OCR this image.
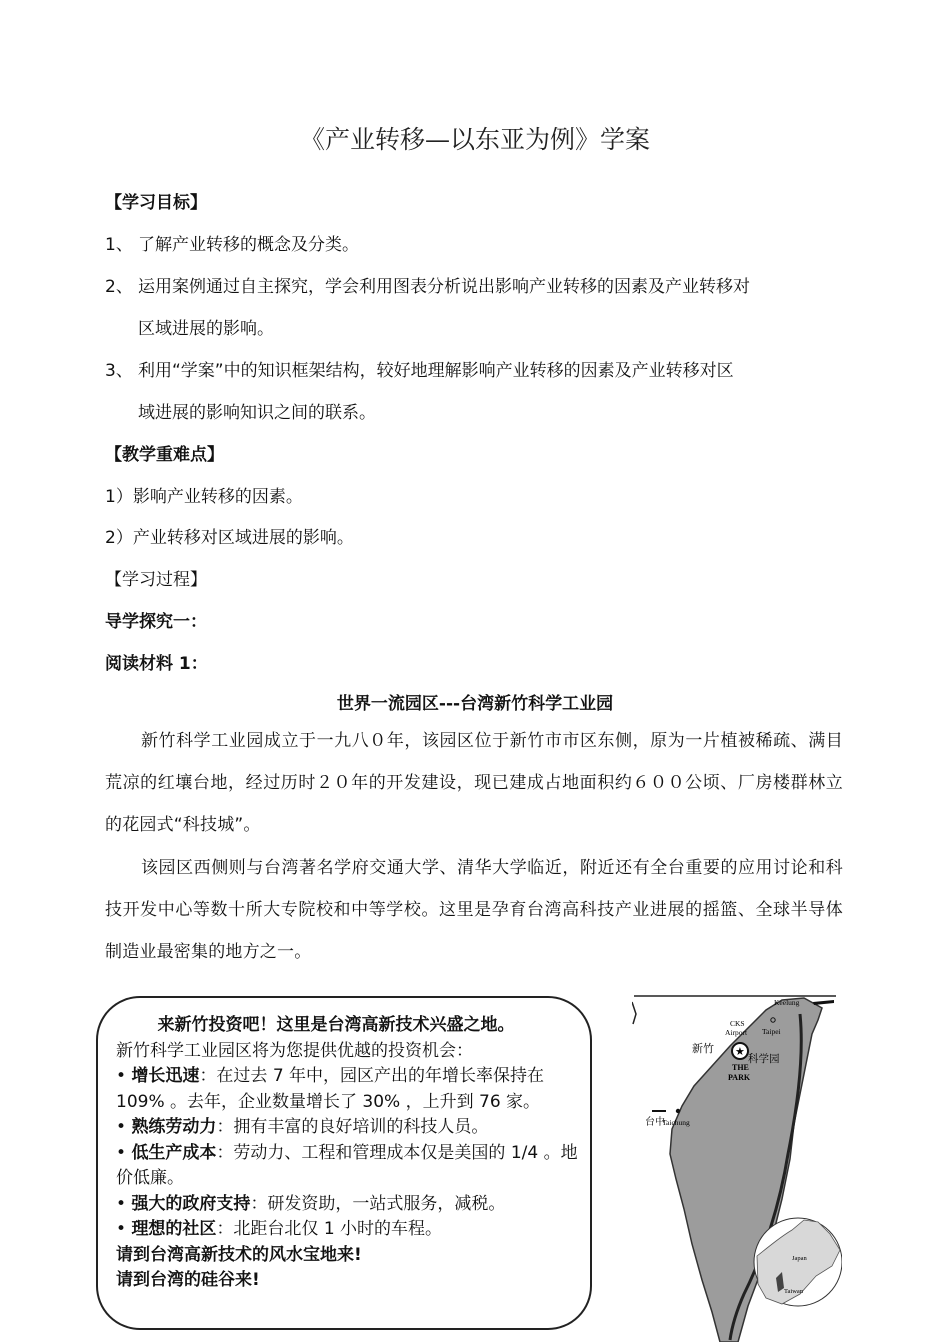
《产业转移—以东亚为例》学案
【学习目标】
1、 了解产业转移的概念及分类。
2、 运用案例通过自主探究，学会利用图表分析说出影响产业转移的因素及产业转移对
区域进展的影响。
3、 利用“学案”中的知识框架结构，较好地理解影响产业转移的因素及产业转移对区
域进展的影响知识之间的联系。
【教学重难点】
1）影响产业转移的因素。
2）产业转移对区域进展的影响。
【学习过程】
导学探究一：
阅读材料 1：
世界一流园区---台湾新竹科学工业园
新竹科学工业园成立于一九八０年，该园区位于新竹市市区东侧，原为一片植被稀疏、满目荒凉的红壤台地，经过历时２０年的开发建设，现已建成占地面积约６００公顷、厂房楼群林立的花园式“科技城”。
该园区西侧则与台湾著名学府交通大学、清华大学临近，附近还有全台重要的应用讨论和科技开发中心等数十所大专院校和中等学校。这里是孕育台湾高科技产业进展的摇篮、全球半导体制造业最密集的地方之一。
来新竹投资吧！这里是台湾高新技术兴盛之地。
新竹科学工业园区将为您提供优越的投资机会：
• 增长迅速：在过去 7 年中，园区产出的年增长率保持在 109% 。去年，企业数量增长了 30% ，上升到 76 家。
• 熟练劳动力：拥有丰富的良好培训的科技人员。
• 低生产成本：劳动力、工程和管理成本仅是美国的 1/4 。地价低廉。
• 强大的政府支持：研发资助，一站式服务，减税。
• 理想的社区：北距台北仅 1 小时的车程。
请到台湾高新技术的风水宝地来!
请到台湾的硅谷来!
Keelung
CKS
Airport Taipei
新竹 ★
科学园
THE
PARK
台中
Taichung
Japan
Taiwan
